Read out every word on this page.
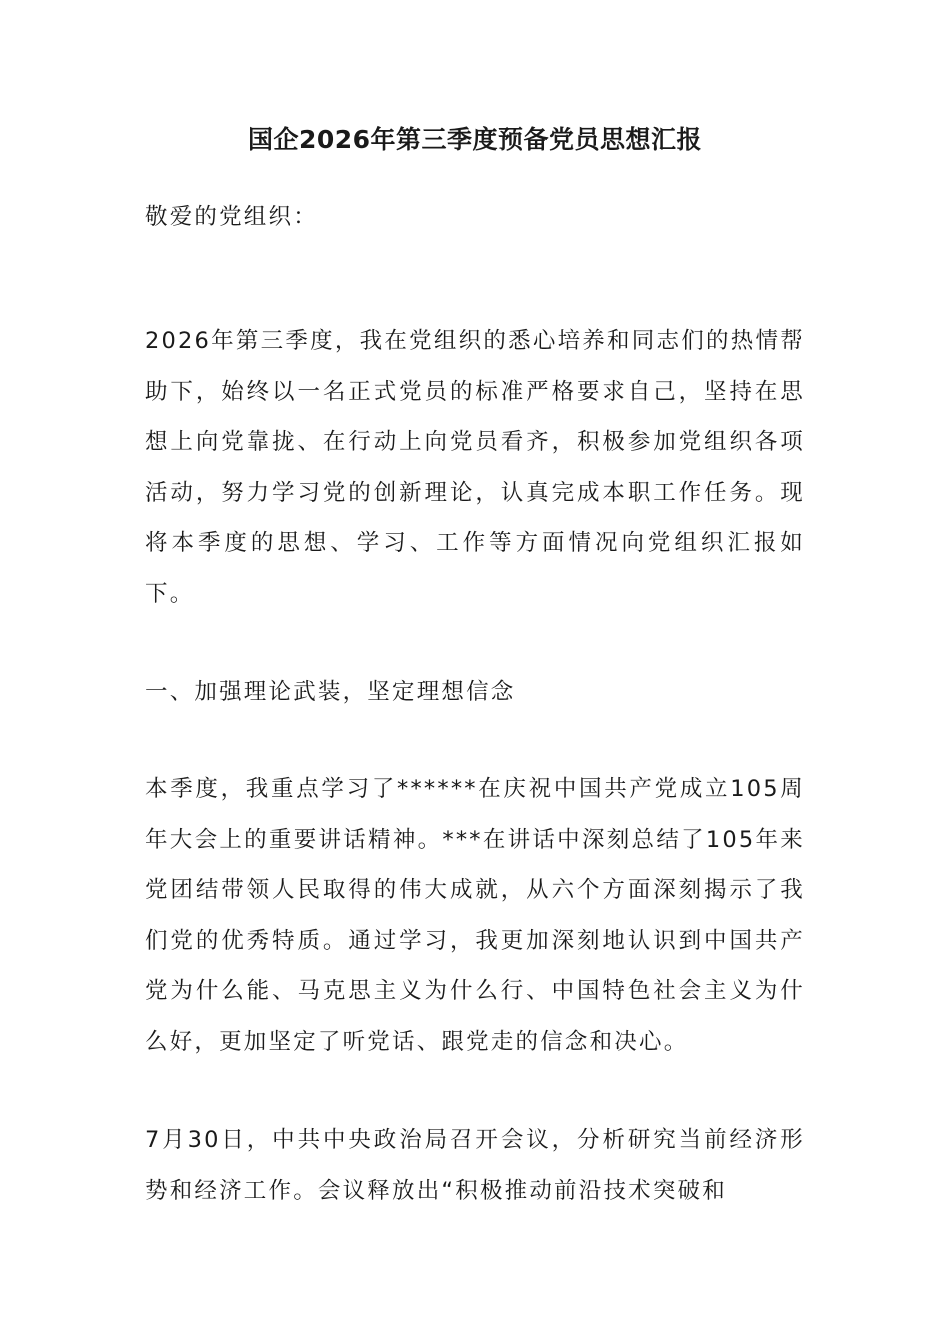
国企2026年第三季度预备党员思想汇报

敬爱的党组织：

2026年第三季度，我在党组织的悉心培养和同志们的热情帮助下，始终以一名正式党员的标准严格要求自己，坚持在思想上向党靠拢、在行动上向党员看齐，积极参加党组织各项活动，努力学习党的创新理论，认真完成本职工作任务。现将本季度的思想、学习、工作等方面情况向党组织汇报如下。

一、加强理论武装，坚定理想信念

本季度，我重点学习了******在庆祝中国共产党成立105周年大会上的重要讲话精神。***在讲话中深刻总结了105年来党团结带领人民取得的伟大成就，从六个方面深刻揭示了我们党的优秀特质。通过学习，我更加深刻地认识到中国共产党为什么能、马克思主义为什么行、中国特色社会主义为什么好，更加坚定了听党话、跟党走的信念和决心。

7月30日，中共中央政治局召开会议，分析研究当前经济形势和经济工作。会议释放出“积极推动前沿技术突破和
